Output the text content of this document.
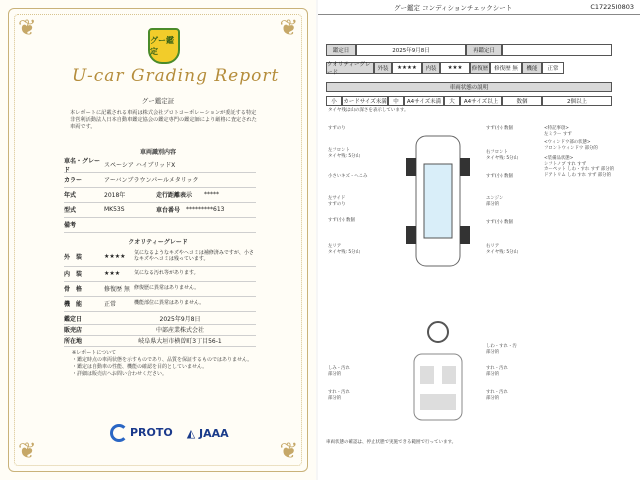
❦	❦
❦	❦
グー鑑定
U-car Grading Report
グー鑑定証
本レポートに記載される車両は株式会社プロトコーポレーションが委託する特定非営利活動法人日本自動車鑑定協会の鑑定専門の鑑定師により厳格に査定された車両です。
車両識別内容
車名・グレード
スペーシア ハイブリッドX
カラー	アーバンブラウンパールメタリック
年式	2018年	走行距離表示	*****
型式	MK53S	車台番号 *********613
備考
クオリティーグレード
外　装	★★★★	気になるようなキズやヘコミは補修済みですが、小さなキズやヘコミは残っています。
内　装	★★★	気になる汚れ等があります。
骨　格	修復歴 無 修復歴に異常はありません。
機　能	正常	機能部位に異常はありません。
鑑定日	2025年9月8日
販売店	中部産業株式会社
所在地	岐阜県大垣市横曽町3丁目56-1
※レポートについて
・鑑定時点の車両状態を示すものであり、品質を保証するものではありません。
・鑑定は自動車の性能、機能の確認を目的としていません。
・詳細は販売店へお問い合わせください。
PROTO ◭ JAAA
グー鑑定 コンディションチェックシート	C17225I0803
鑑定日	2025年9月8日	再鑑定日
クオリティーグレード
外装	★★★★	内装	★★★	修復歴	修復歴 無	機能	正常
車両状態の説明
小	カードサイズ未満	中	A4サイズ未満	大	A4サイズ以上	数個	2個以上
タイヤ残は山の深さを表示しています。
すずのり
左フロント
タイヤ残: 5分山
小さいキズ・へこみ
左サイド
すずのり
すず(小) 数個
左リア
タイヤ残: 5分山
すず(小) 数個
右フロント
タイヤ残: 5分山
すず(小) 数個
エンジン
部分的
すず(小) 数個
右リア
タイヤ残: 5分山
<特記事項>
左ミラー すず
<ウィンドウ部の状態>
フロントウィンドウ 部分的
<装備品状態>
シフトノブ すれ すず
カーペット しわ・すれ すず 部分的
ドアトリム しわ すれ すず 部分的
しわ・すれ・汚
部分的
しみ・汚れ
部分的
すれ・汚れ
部分的
すれ・汚れ
部分的
すれ・汚れ
部分的
車両状態の確認は、停止状態で実施できる範囲で行っています。
